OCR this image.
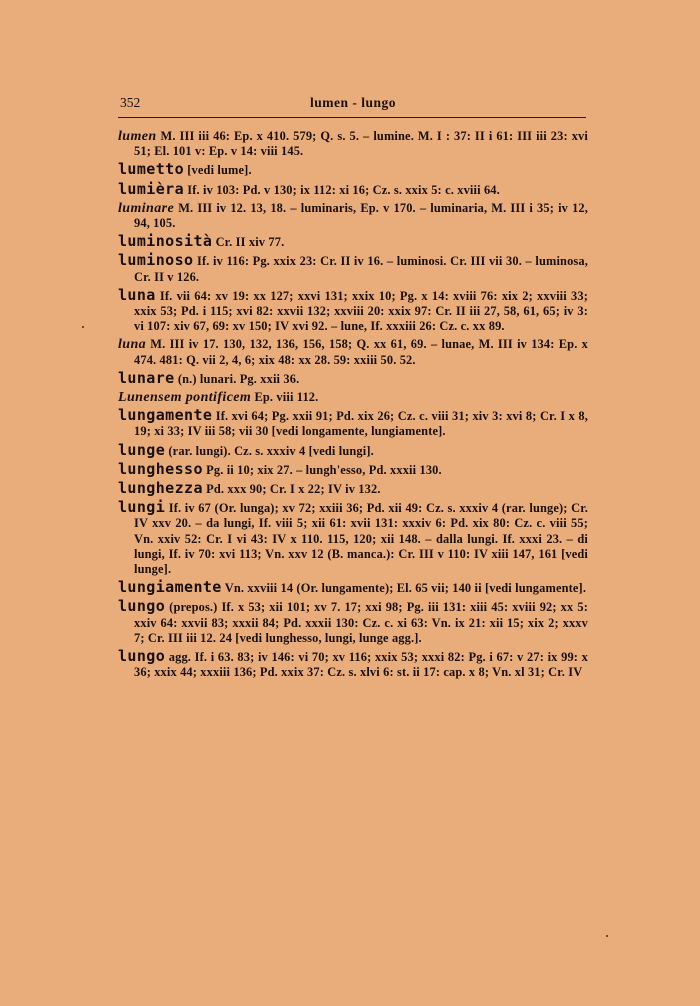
352	lumen - lungo
lumen M. III iii 46: Ep. x 410. 579; Q. s. 5. – lumine. M. I : 37: II i 61: III iii 23: xvi 51; El. 101 v: Ep. v 14: viii 145.
lumetto [vedi lume].
lumièra If. iv 103: Pd. v 130; ix 112: xi 16; Cz. s. xxix 5: c. xviii 64.
luminare M. III iv 12. 13, 18. – luminaris, Ep. v 170. – luminaria, M. III i 35; iv 12, 94, 105.
luminosità Cr. II xiv 77.
luminoso If. iv 116: Pg. xxix 23: Cr. II iv 16. – luminosi. Cr. III vii 30. – luminosa, Cr. II v 126.
luna If. vii 64: xv 19: xx 127; xxvi 131; xxix 10; Pg. x 14: xviii 76: xix 2; xxviii 33; xxix 53; Pd. i 115; xvi 82: xxvii 132; xxviii 20: xxix 97: Cr. II iii 27, 58, 61, 65; iv 3: vi 107: xiv 67, 69: xv 150; IV xvi 92. – lune, If. xxxiii 26: Cz. c. xx 89.
luna M. III iv 17. 130, 132, 136, 156, 158; Q. xx 61, 69. – lunae, M. III iv 134: Ep. x 474. 481: Q. vii 2, 4, 6; xix 48: xx 28. 59: xxiii 50. 52.
lunare (n.) lunari. Pg. xxii 36.
Lunensem pontificem Ep. viii 112.
lungamente If. xvi 64; Pg. xxii 91; Pd. xix 26; Cz. c. viii 31; xiv 3: xvi 8; Cr. I x 8, 19; xi 33; IV iii 58; vii 30 [vedi longamente, lungiamente].
lunge (rar. lungi). Cz. s. xxxiv 4 [vedi lungi].
lunghesso Pg. ii 10; xix 27. – lungh'esso, Pd. xxxii 130.
lunghezza Pd. xxx 90; Cr. I x 22; IV iv 132.
lungi If. iv 67 (Or. lunga); xv 72; xxiii 36; Pd. xii 49: Cz. s. xxxiv 4 (rar. lunge); Cr. IV xxv 20. – da lungi, If. viii 5; xii 61: xvii 131: xxxiv 6: Pd. xix 80: Cz. c. viii 55; Vn. xxiv 52: Cr. I vi 43: IV x 110. 115, 120; xii 148. – dalla lungi. If. xxxi 23. – di lungi, If. iv 70: xvi 113; Vn. xxv 12 (B. manca.): Cr. III v 110: IV xiii 147, 161 [vedi lunge].
lungiamente Vn. xxviii 14 (Or. lungamente); El. 65 vii; 140 ii [vedi lungamente].
lungo (prepos.) If. x 53; xii 101; xv 7. 17; xxi 98; Pg. iii 131: xiii 45: xviii 92; xx 5: xxiv 64: xxvii 83; xxxii 84; Pd. xxxii 130: Cz. c. xi 63: Vn. ix 21: xii 15; xix 2; xxxv 7; Cr. III iii 12. 24 [vedi lunghesso, lungi, lunge agg.].
lungo agg. If. i 63. 83; iv 146: vi 70; xv 116; xxix 53; xxxi 82: Pg. i 67: v 27: ix 99: x 36; xxix 44; xxxiii 136; Pd. xxix 37: Cz. s. xlvi 6: st. ii 17: cap. x 8; Vn. xl 31; Cr. IV
